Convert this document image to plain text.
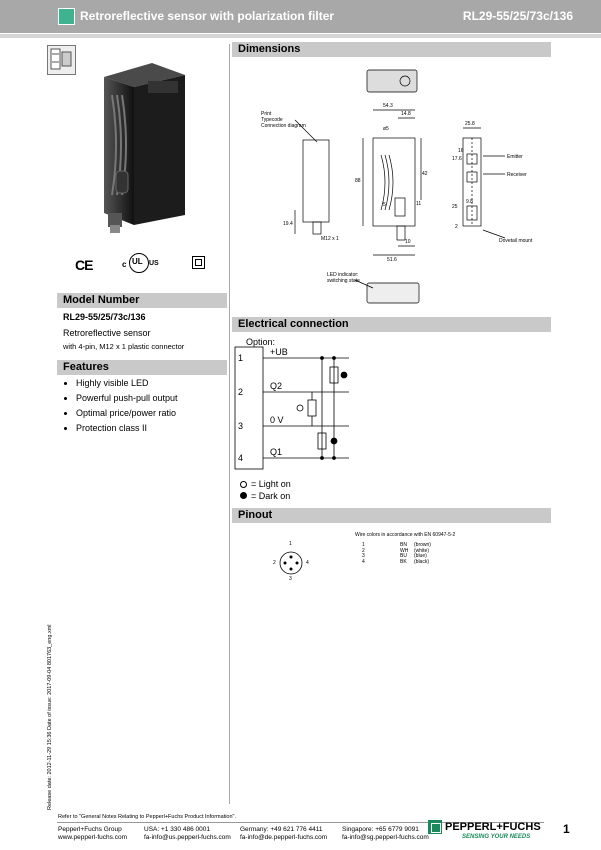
Retroreflective sensor with polarization filter	RL29-55/25/73c/136
CE	c UL US
Model Number
RL29-55/25/73c/136
Retroreflective sensor
with 4-pin, M12 x 1 plastic connector
Features
• Highly visible LED
• Powerful push-pull output
• Optimal price/power ratio
• Protection class II
Dimensions
Print
Typecode
Connection diagram
54.3
14.8
ø5
25.8
88
42
17.6
16
25
9.8
19.4
M12 x 1	10
51.6
11
5
2
Emitter
Receiver
Dovetail mount
LED indicator:
switching state
Electrical connection
Option:
1
2
3
4
+UB
Q2
0 V
Q1
= Light on
= Dark on
Pinout
1
2	4
3
Wire colors in accordance with EN 60947-5-2
1	BN (brown)
2	WH (white)
3	BU (blue)
4	BK (black)
Release date: 2012-11-29 15:36 Date of issue: 2017-09-04 801763_eng.xml
Refer to "General Notes Relating to Pepperl+Fuchs Product Information".
Pepperl+Fuchs Group
www.pepperl-fuchs.com
USA: +1 330 486 0001
fa-info@us.pepperl-fuchs.com
Germany: +49 621 776 4411
fa-info@de.pepperl-fuchs.com
Singapore: +65 6779 9091
fa-info@sg.pepperl-fuchs.com
PEPPERL+FUCHS
SENSING YOUR NEEDS
1
